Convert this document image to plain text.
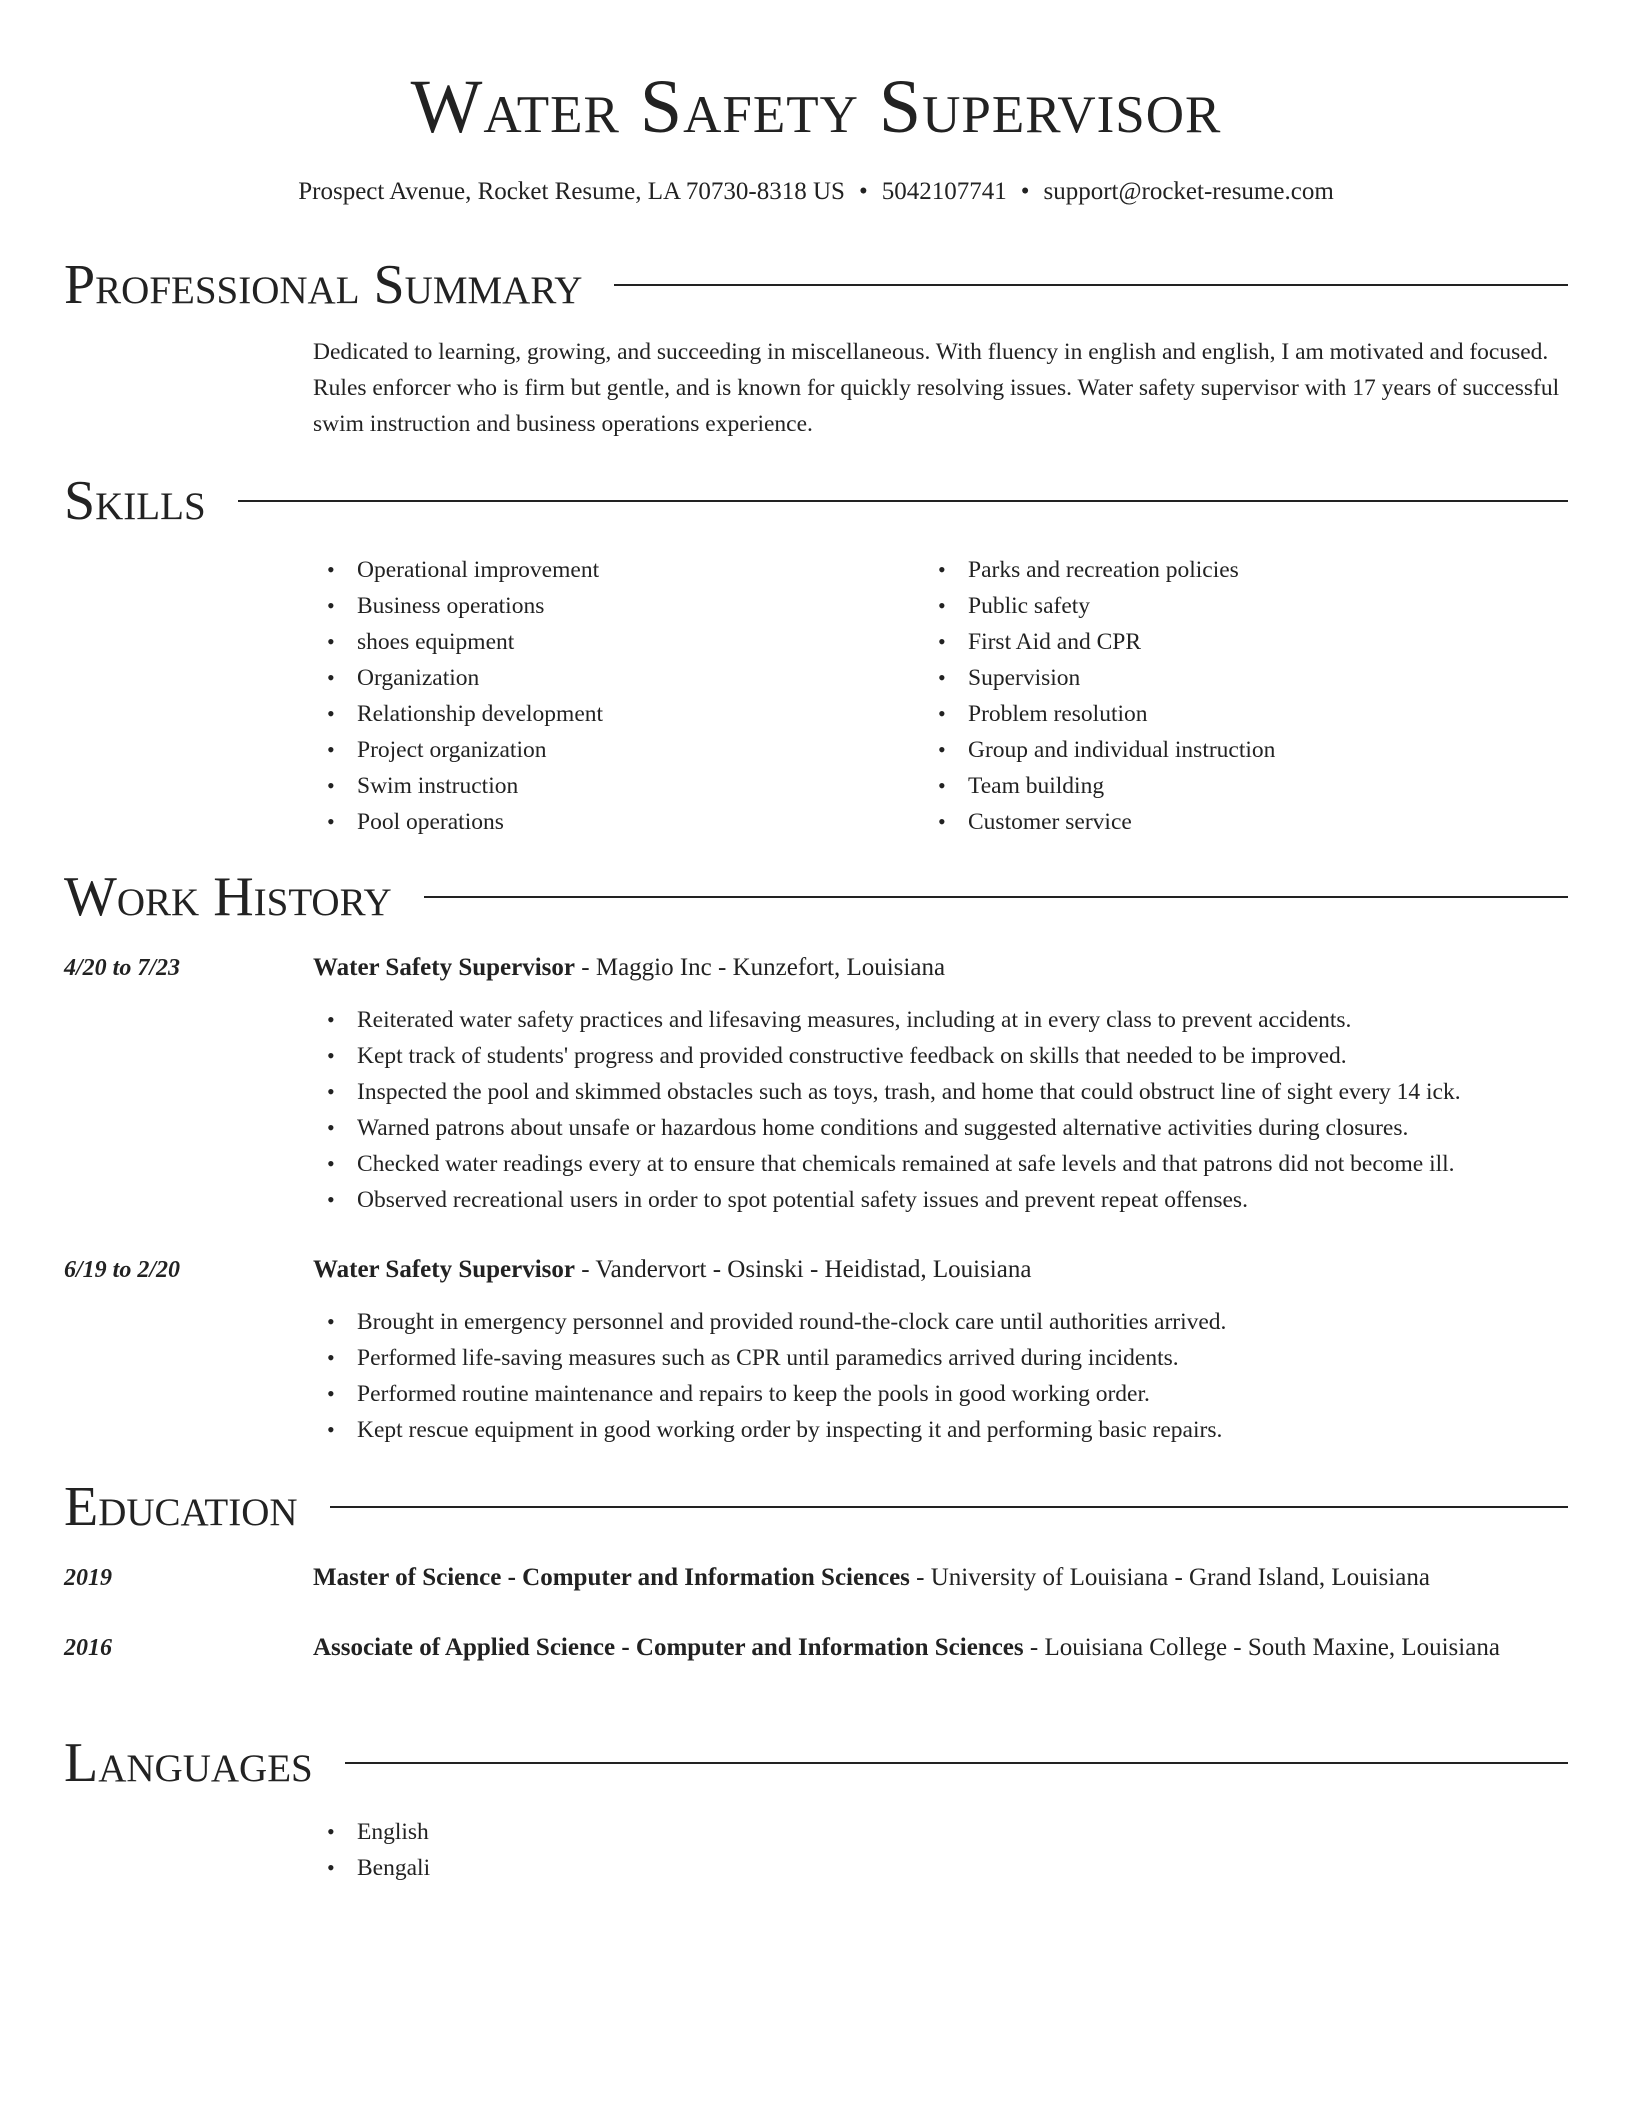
Water Safety Supervisor
Prospect Avenue, Rocket Resume, LA 70730-8318 US • 5042107741 • support@rocket-resume.com
Professional Summary
Dedicated to learning, growing, and succeeding in miscellaneous. With fluency in english and english, I am motivated and focused. Rules enforcer who is firm but gentle, and is known for quickly resolving issues. Water safety supervisor with 17 years of successful swim instruction and business operations experience.
Skills
• Operational improvement
• Business operations
• shoes equipment
• Organization
• Relationship development
• Project organization
• Swim instruction
• Pool operations
• Parks and recreation policies
• Public safety
• First Aid and CPR
• Supervision
• Problem resolution
• Group and individual instruction
• Team building
• Customer service
Work History
4/20 to 7/23	Water Safety Supervisor - Maggio Inc - Kunzefort, Louisiana
• Reiterated water safety practices and lifesaving measures, including at in every class to prevent accidents.
• Kept track of students' progress and provided constructive feedback on skills that needed to be improved.
• Inspected the pool and skimmed obstacles such as toys, trash, and home that could obstruct line of sight every 14 ick.
• Warned patrons about unsafe or hazardous home conditions and suggested alternative activities during closures.
• Checked water readings every at to ensure that chemicals remained at safe levels and that patrons did not become ill.
• Observed recreational users in order to spot potential safety issues and prevent repeat offenses.
6/19 to 2/20	Water Safety Supervisor - Vandervort - Osinski - Heidistad, Louisiana
• Brought in emergency personnel and provided round-the-clock care until authorities arrived.
• Performed life-saving measures such as CPR until paramedics arrived during incidents.
• Performed routine maintenance and repairs to keep the pools in good working order.
• Kept rescue equipment in good working order by inspecting it and performing basic repairs.
Education
2019	Master of Science - Computer and Information Sciences - University of Louisiana - Grand Island, Louisiana
2016	Associate of Applied Science - Computer and Information Sciences - Louisiana College - South Maxine, Louisiana
Languages
• English
• Bengali
